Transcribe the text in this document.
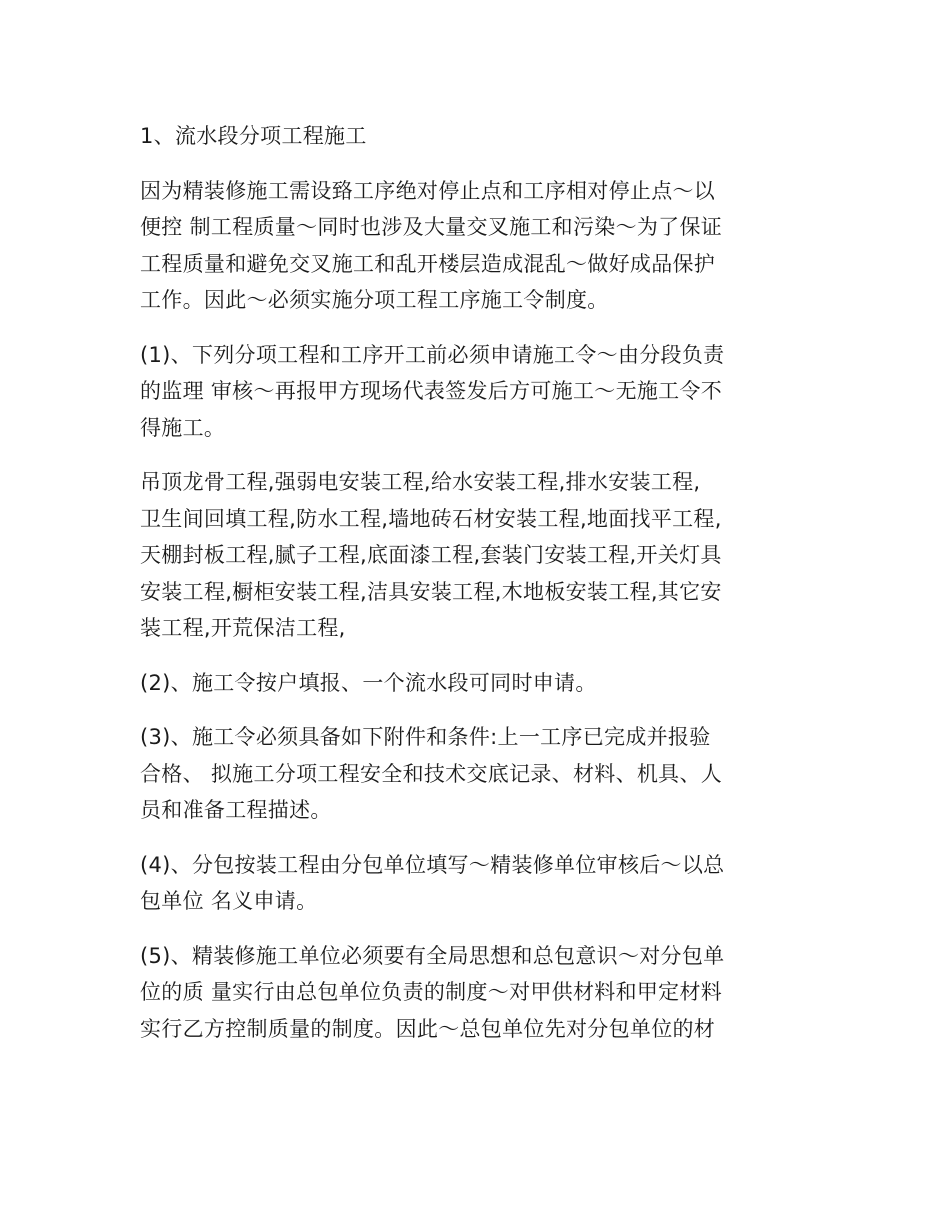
1、流水段分项工程施工

因为精装修施工需设臵工序绝对停止点和工序相对停止点～以
便控 制工程质量～同时也涉及大量交叉施工和污染～为了保证
工程质量和避免交叉施工和乱开楼层造成混乱～做好成品保护
工作。因此～必须实施分项工程工序施工令制度。

(1)、下列分项工程和工序开工前必须申请施工令～由分段负责
的监理 审核～再报甲方现场代表签发后方可施工～无施工令不
得施工。

吊顶龙骨工程,强弱电安装工程,给水安装工程,排水安装工程,
卫生间回填工程,防水工程,墙地砖石材安装工程,地面找平工程,
天棚封板工程,腻子工程,底面漆工程,套装门安装工程,开关灯具
安装工程,橱柜安装工程,洁具安装工程,木地板安装工程,其它安
装工程,开荒保洁工程,

(2)、施工令按户填报、一个流水段可同时申请。

(3)、施工令必须具备如下附件和条件:上一工序已完成并报验
合格、 拟施工分项工程安全和技术交底记录、材料、机具、人
员和准备工程描述。

(4)、分包按装工程由分包单位填写～精装修单位审核后～以总
包单位 名义申请。

(5)、精装修施工单位必须要有全局思想和总包意识～对分包单
位的质 量实行由总包单位负责的制度～对甲供材料和甲定材料
实行乙方控制质量的制度。因此～总包单位先对分包单位的材
